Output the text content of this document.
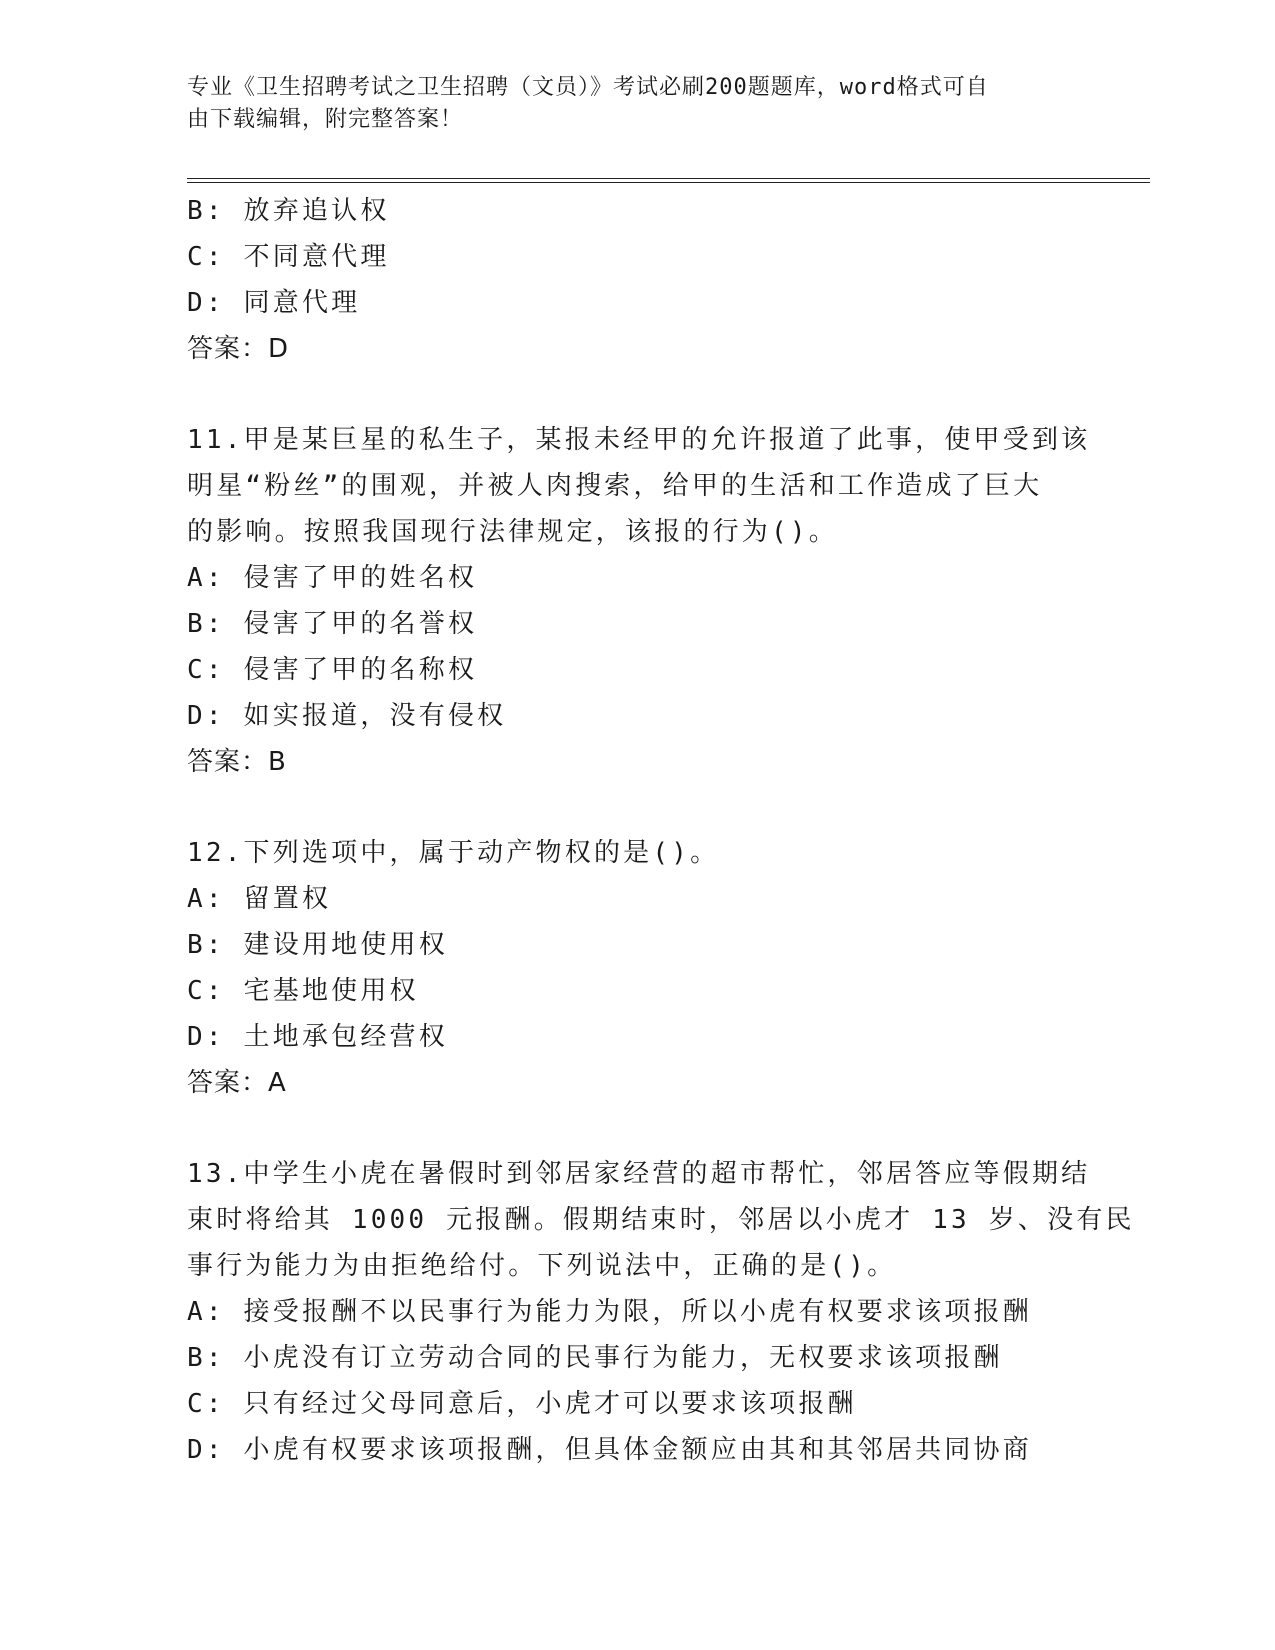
专业《卫生招聘考试之卫生招聘（文员）》考试必刷200题题库，word格式可自
由下载编辑，附完整答案！
B: 放弃追认权
C: 不同意代理
D: 同意代理
答案：D
11.甲是某巨星的私生子，某报未经甲的允许报道了此事，使甲受到该
明星“粉丝”的围观，并被人肉搜索，给甲的生活和工作造成了巨大
的影响。按照我国现行法律规定，该报的行为()。
A: 侵害了甲的姓名权
B: 侵害了甲的名誉权
C: 侵害了甲的名称权
D: 如实报道，没有侵权
答案：B
12.下列选项中，属于动产物权的是()。
A: 留置权
B: 建设用地使用权
C: 宅基地使用权
D: 土地承包经营权
答案：A
13.中学生小虎在暑假时到邻居家经营的超市帮忙，邻居答应等假期结
束时将给其 1000 元报酬。假期结束时，邻居以小虎才 13 岁、没有民
事行为能力为由拒绝给付。下列说法中，正确的是()。
A: 接受报酬不以民事行为能力为限，所以小虎有权要求该项报酬
B: 小虎没有订立劳动合同的民事行为能力，无权要求该项报酬
C: 只有经过父母同意后，小虎才可以要求该项报酬
D: 小虎有权要求该项报酬，但具体金额应由其和其邻居共同协商
